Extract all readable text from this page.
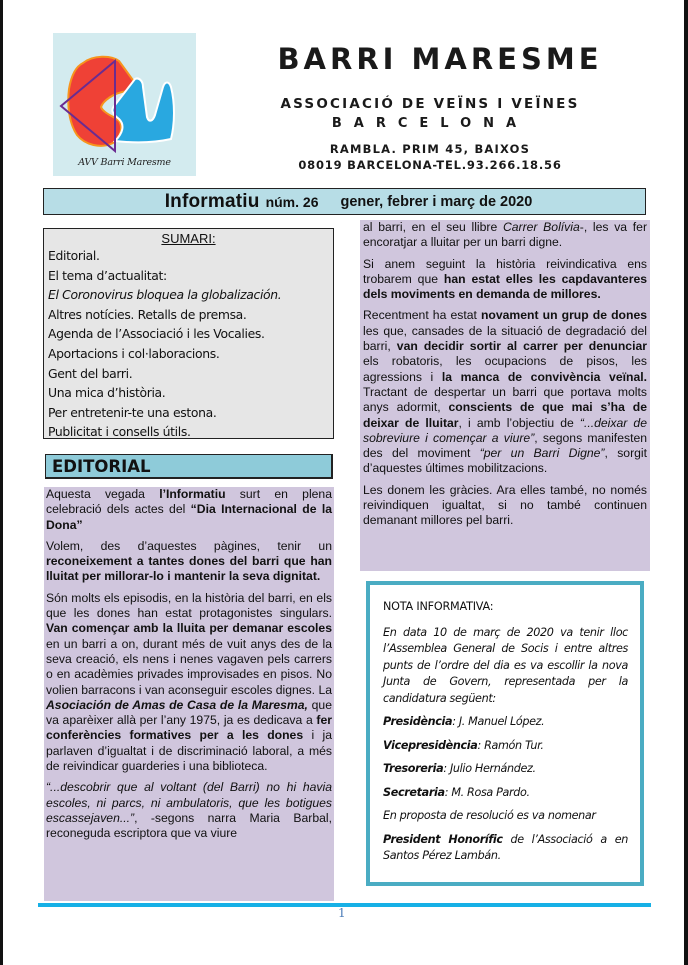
AVV Barri Maresme
BARRI MARESME
ASSOCIACIÓ DE VEÏNS I VEÏNES
BARCELONA
RAMBLA. PRIM 45, BAIXOS
08019 BARCELONA-TEL.93.266.18.56
Informatiu núm. 26 gener, febrer i març de 2020
SUMARI:
Editorial.
El tema d’actualitat:
El Coronovirus bloquea la globalización.
Altres notícies. Retalls de premsa.
Agenda de l’Associació i les Vocalies.
Aportacions i col·laboracions.
Gent del barri.
Una mica d’història.
Per entretenir-te una estona.
Publicitat i consells útils.
EDITORIAL

Aquesta vegada l’Informatiu surt en plena celebració dels actes del “Dia Internacional de la Dona”

Volem, des d’aquestes pàgines, tenir un reconeixement a tantes dones del barri que han lluitat per millorar-lo i mantenir la seva dignitat.

Són molts els episodis, en la història del barri, en els que les dones han estat protagonistes singulars. Van començar amb la lluita per demanar escoles en un barri a on, durant més de vuit anys des de la seva creació, els nens i nenes vagaven pels carrers o en acadèmies privades improvisades en pisos. No volien barracons i van aconseguir escoles dignes. La Asociación de Amas de Casa de la Maresma, que va aparèixer allà per l’any 1975, ja es dedicava a fer conferències formatives per a les dones i ja parlaven d’igualtat i de discriminació laboral, a més de reivindicar guarderies i una biblioteca.

“...descobrir que al voltant (del Barri) no hi havia escoles, ni parcs, ni ambulatoris, que les botigues escassejaven...”, -segons narra Maria Barbal, reconeguda escriptora que va viure

al barri, en el seu llibre Carrer Bolívia-, les va fer encoratjar a lluitar per un barri digne.

Si anem seguint la història reivindicativa ens trobarem que han estat elles les capdavanteres dels moviments en demanda de millores.

Recentment ha estat novament un grup de dones les que, cansades de la situació de degradació del barri, van decidir sortir al carrer per denunciar els robatoris, les ocupacions de pisos, les agressions i la manca de convivència veïnal. Tractant de despertar un barri que portava molts anys adormit, conscients de que mai s’ha de deixar de lluitar, i amb l’objectiu de “...deixar de sobreviure i començar a viure”, segons manifesten des del moviment “per un Barri Digne”, sorgit d’aquestes últimes mobilitzacions.

Les donem les gràcies. Ara elles també, no només reivindiquen igualtat, si no també continuen demanant millores pel barri.

NOTA INFORMATIVA:

En data 10 de març de 2020 va tenir lloc l’Assemblea General de Socis i entre altres punts de l’ordre del dia es va escollir la nova Junta de Govern, representada per la candidatura següent:

Presidència: J. Manuel López.

Vicepresidència: Ramón Tur.

Tresoreria: Julio Hernández.

Secretaria: M. Rosa Pardo.

En proposta de resolució es va nomenar

President Honorífic de l’Associació a en Santos Pérez Lambán.

1
